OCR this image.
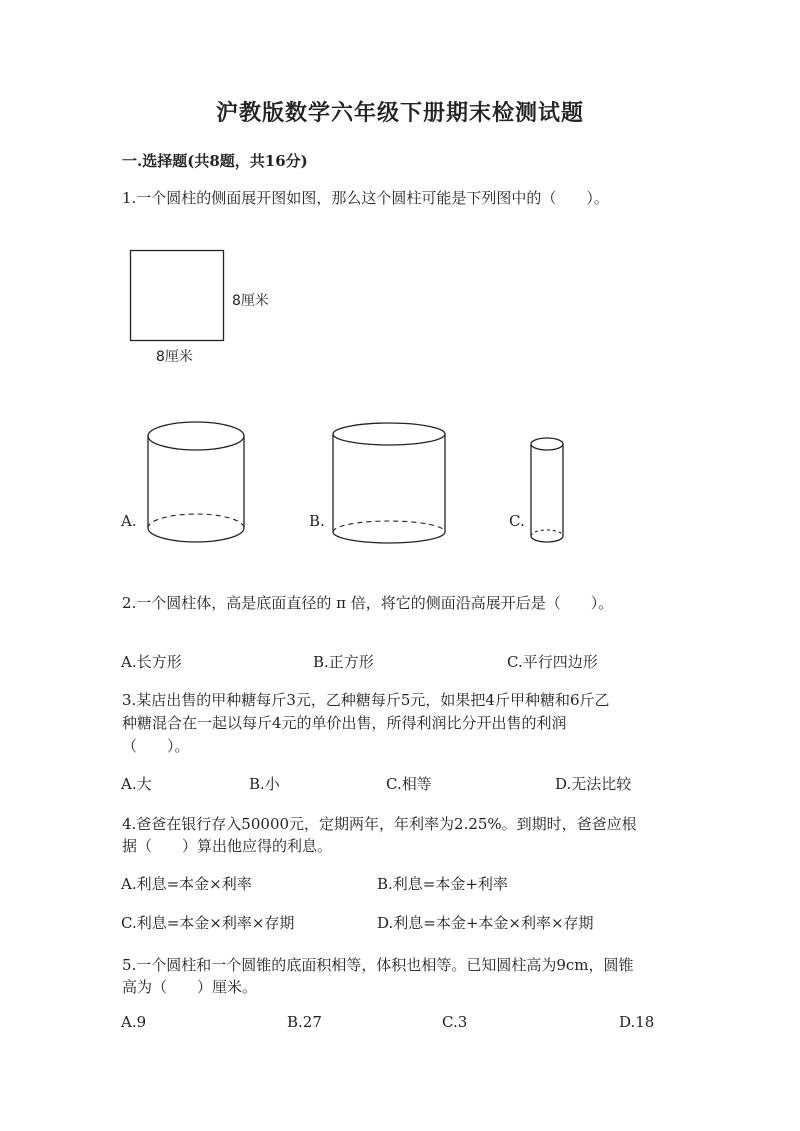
沪教版数学六年级下册期末检测试题
一.选择题(共8题，共16分)
1.一个圆柱的侧面展开图如图，那么这个圆柱可能是下列图中的（　　）。
8厘米
8厘米
A.	B.	C.
2.一个圆柱体，高是底面直径的 π 倍，将它的侧面沿高展开后是（　　）。
A.长方形	B.正方形	C.平行四边形
3.某店出售的甲种糖每斤3元，乙种糖每斤5元，如果把4斤甲种糖和6斤乙
种糖混合在一起以每斤4元的单价出售，所得利润比分开出售的利润
（　　）。
A.大	B.小	C.相等	D.无法比较
4.爸爸在银行存入50000元，定期两年，年利率为2.25%。到期时，爸爸应根
据（　　）算出他应得的利息。
A.利息=本金×利率	B.利息=本金+利率
C.利息=本金×利率×存期	D.利息=本金+本金×利率×存期
5.一个圆柱和一个圆锥的底面积相等，体积也相等。已知圆柱高为9cm，圆锥
高为（　　）厘米。
A.9	B.27	C.3	D.18
